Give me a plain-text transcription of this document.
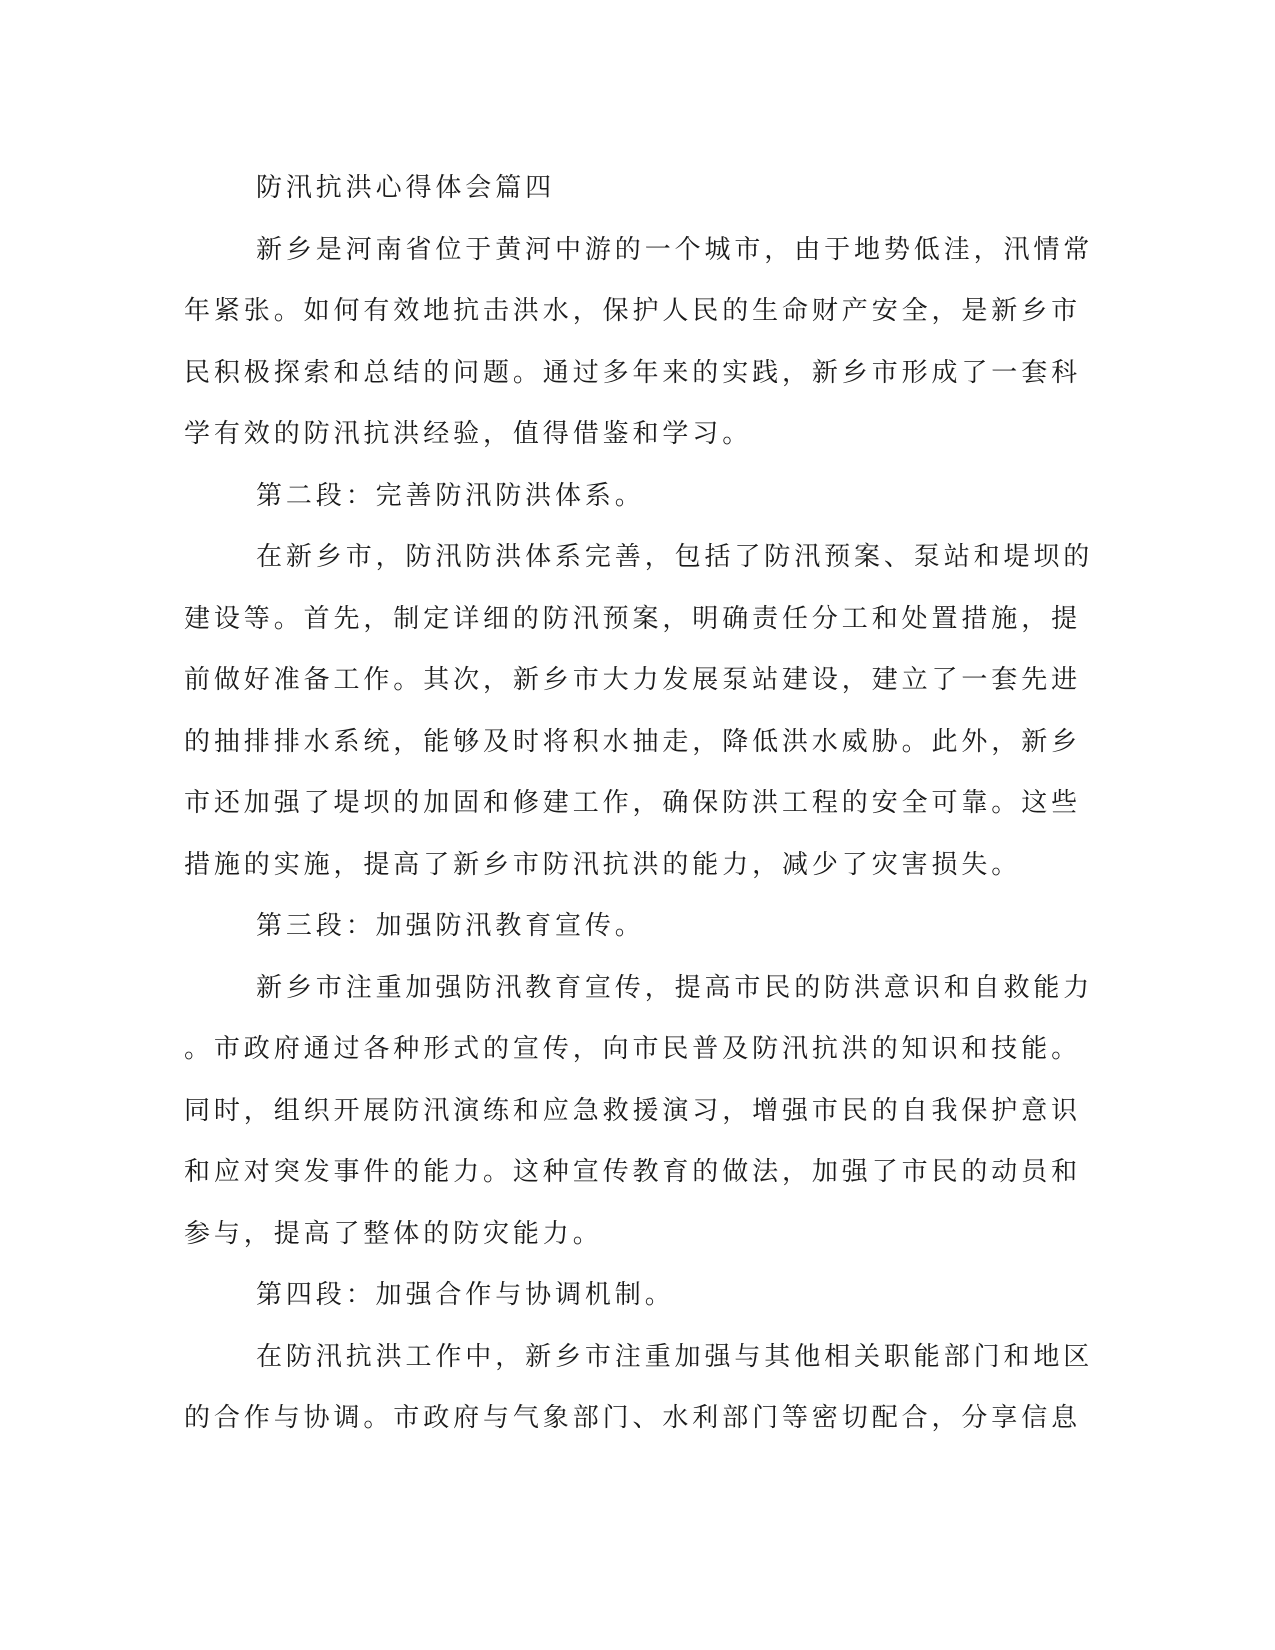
防汛抗洪心得体会篇四
新乡是河南省位于黄河中游的一个城市，由于地势低洼，汛情常
年紧张。如何有效地抗击洪水，保护人民的生命财产安全，是新乡市
民积极探索和总结的问题。通过多年来的实践，新乡市形成了一套科
学有效的防汛抗洪经验，值得借鉴和学习。
第二段：完善防汛防洪体系。
在新乡市，防汛防洪体系完善，包括了防汛预案、泵站和堤坝的
建设等。首先，制定详细的防汛预案，明确责任分工和处置措施，提
前做好准备工作。其次，新乡市大力发展泵站建设，建立了一套先进
的抽排排水系统，能够及时将积水抽走，降低洪水威胁。此外，新乡
市还加强了堤坝的加固和修建工作，确保防洪工程的安全可靠。这些
措施的实施，提高了新乡市防汛抗洪的能力，减少了灾害损失。
第三段：加强防汛教育宣传。
新乡市注重加强防汛教育宣传，提高市民的防洪意识和自救能力
。市政府通过各种形式的宣传，向市民普及防汛抗洪的知识和技能。
同时，组织开展防汛演练和应急救援演习，增强市民的自我保护意识
和应对突发事件的能力。这种宣传教育的做法，加强了市民的动员和
参与，提高了整体的防灾能力。
第四段：加强合作与协调机制。
在防汛抗洪工作中，新乡市注重加强与其他相关职能部门和地区
的合作与协调。市政府与气象部门、水利部门等密切配合，分享信息
